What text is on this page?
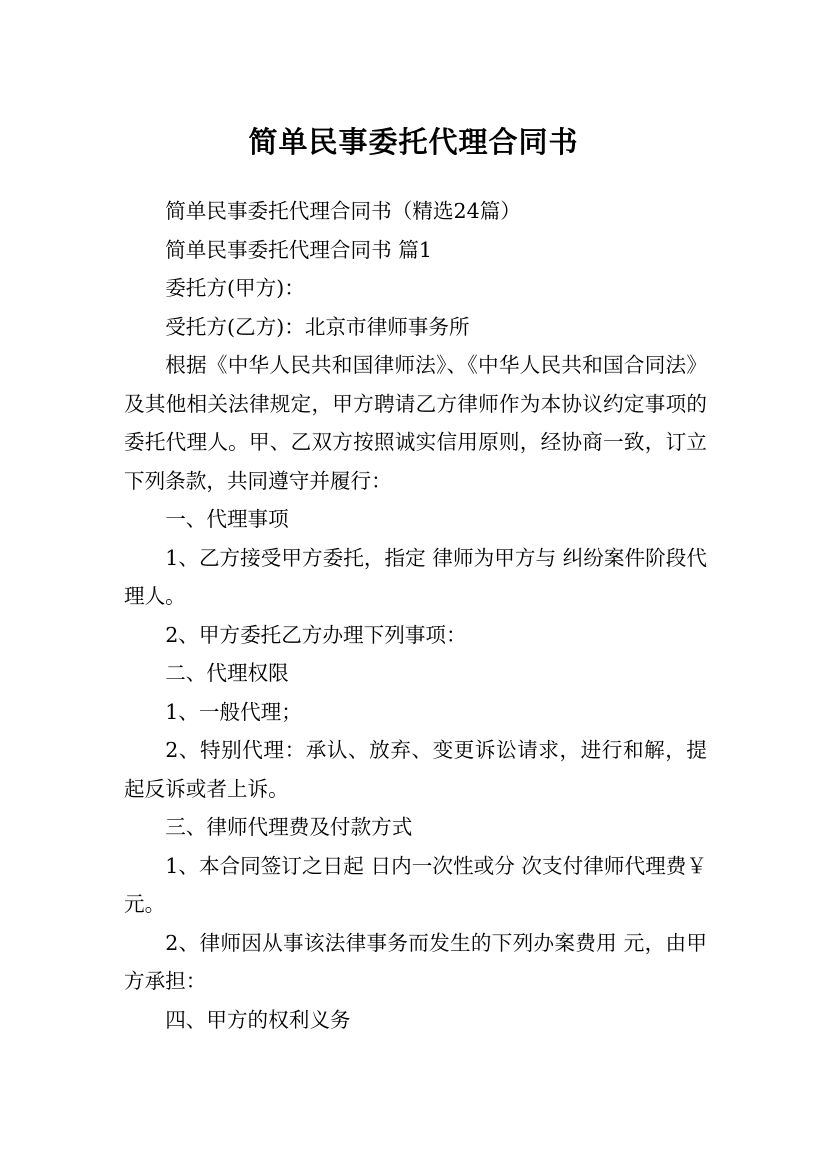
简单民事委托代理合同书

简单民事委托代理合同书（精选24篇）

简单民事委托代理合同书 篇1

委托方(甲方)：

受托方(乙方)：北京市律师事务所

根据《中华人民共和国律师法》、《中华人民共和国合同法》及其他相关法律规定，甲方聘请乙方律师作为本协议约定事项的委托代理人。甲、乙双方按照诚实信用原则，经协商一致，订立下列条款，共同遵守并履行：

一、代理事项

1、乙方接受甲方委托，指定 律师为甲方与 纠纷案件阶段代理人。

2、甲方委托乙方办理下列事项：

二、代理权限

1、一般代理；

2、特别代理：承认、放弃、变更诉讼请求，进行和解，提起反诉或者上诉。

三、律师代理费及付款方式

1、本合同签订之日起 日内一次性或分 次支付律师代理费￥ 元。

2、律师因从事该法律事务而发生的下列办案费用 元，由甲方承担：

四、甲方的权利义务
